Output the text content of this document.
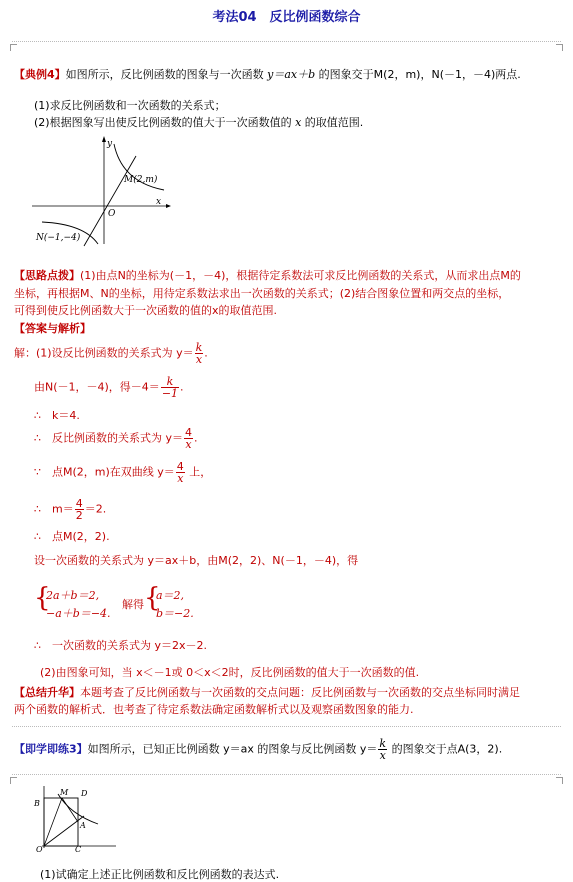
考法04　反比例函数综合
【典例4】如图所示，反比例函数的图象与一次函数 y＝ax＋b 的图象交于M(2，m)，N(－1，－4)两点.
(1)求反比例函数和一次函数的关系式；
(2)根据图象写出使反比例函数的值大于一次函数值的 x 的取值范围.
y
x
O
M(2,m)
N(−1,−4)
【思路点拨】(1)由点N的坐标为(－1，－4)，根据待定系数法可求反比例函数的关系式，从而求出点M的
坐标，再根据M、N的坐标，用待定系数法求出一次函数的关系式；(2)结合图象位置和两交点的坐标，
可得到使反比例函数大于一次函数的值的x的取值范围.
【答案与解析】
解：(1)设反比例函数的关系式为 $y= \frac{k}{x}$ .
由N(－1，－4)，得$-4= \frac{k}{-1}$ .
∴　k＝4.
∴　反比例函数的关系式为 $y= \frac{4}{x}$ .
∵　点M(2，m)在双曲线 $y= \frac{4}{x}$ 上，
∴　$m= \frac{4}{2} =2$.
∴　点M(2，2).
设一次函数的关系式为 y＝ax＋b，由M(2，2)、N(－1，－4)，得
{
2a＋b＝2,
−a＋b＝−4.
解得 {
a＝2,
b＝−2.
∴　一次函数的关系式为 y＝2x－2.
(2)由图象可知，当 x＜－1或 0＜x＜2时，反比例函数的值大于一次函数的值.
【总结升华】本题考查了反比例函数与一次函数的交点问题：反比例函数与一次函数的交点坐标同时满足
两个函数的解析式．也考查了待定系数法确定函数解析式以及观察函数图象的能力.
【即学即练3】如图所示，已知正比例函数 y＝ax 的图象与反比例函数 $y= \frac{k}{x}$ 的图象交于点A(3，2).
B
M D
A
O	C
(1)试确定上述正比例函数和反比例函数的表达式.
